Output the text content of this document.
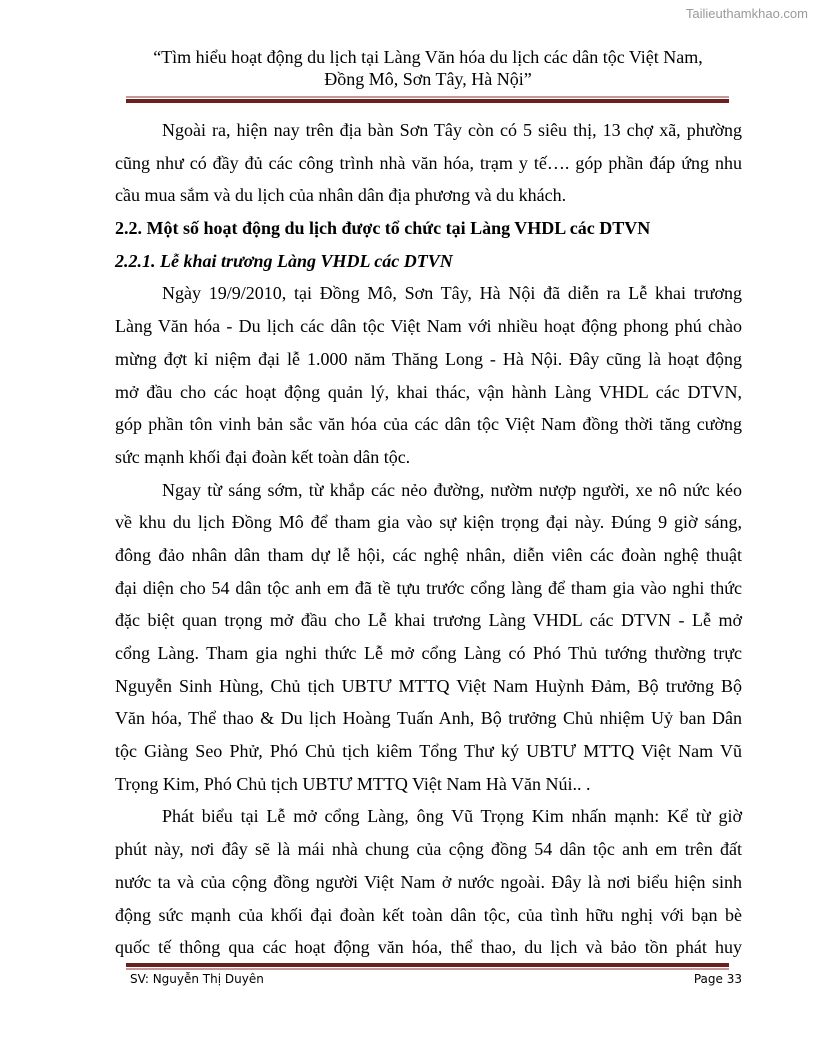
Tailieuthamkhao.com
“Tìm hiểu hoạt động du lịch tại Làng Văn hóa du lịch các dân tộc Việt Nam,
Đồng Mô, Sơn Tây, Hà Nội”
Ngoài ra, hiện nay trên địa bàn Sơn Tây còn có 5 siêu thị, 13 chợ xã, phường
cũng như có đầy đủ các công trình nhà văn hóa, trạm y tế…. góp phần đáp ứng nhu
cầu mua sắm và du lịch của nhân dân địa phương và du khách.
2.2. Một số hoạt động du lịch được tổ chức tại Làng VHDL các DTVN
2.2.1. Lễ khai trương Làng VHDL các DTVN
Ngày 19/9/2010, tại Đồng Mô, Sơn Tây, Hà Nội đã diễn ra Lễ khai trương
Làng Văn hóa - Du lịch các dân tộc Việt Nam với nhiều hoạt động phong phú chào
mừng đợt kỉ niệm đại lễ 1.000 năm Thăng Long - Hà Nội. Đây cũng là hoạt động
mở đầu cho các hoạt động quản lý, khai thác, vận hành Làng VHDL các DTVN,
góp phần tôn vinh bản sắc văn hóa của các dân tộc Việt Nam đồng thời tăng cường
sức mạnh khối đại đoàn kết toàn dân tộc.
Ngay từ sáng sớm, từ khắp các nẻo đường, nườm nượp người, xe nô nức kéo
về khu du lịch Đồng Mô để tham gia vào sự kiện trọng đại này. Đúng 9 giờ sáng,
đông đảo nhân dân tham dự lễ hội, các nghệ nhân, diễn viên các đoàn nghệ thuật
đại diện cho 54 dân tộc anh em đã tề tựu trước cổng làng để tham gia vào nghi thức
đặc biệt quan trọng mở đầu cho Lễ khai trương Làng VHDL các DTVN - Lễ mở
cổng Làng. Tham gia nghi thức Lễ mở cổng Làng có Phó Thủ tướng thường trực
Nguyễn Sinh Hùng, Chủ tịch UBTƯ MTTQ Việt Nam Huỳnh Đảm, Bộ trưởng Bộ
Văn hóa, Thể thao & Du lịch Hoàng Tuấn Anh, Bộ trưởng Chủ nhiệm Uỷ ban Dân
tộc Giàng Seo Phử, Phó Chủ tịch kiêm Tổng Thư ký UBTƯ MTTQ Việt Nam Vũ
Trọng Kim, Phó Chủ tịch UBTƯ MTTQ Việt Nam Hà Văn Núi.. .
Phát biểu tại Lễ mở cổng Làng, ông Vũ Trọng Kim nhấn mạnh: Kể từ giờ
phút này, nơi đây sẽ là mái nhà chung của cộng đồng 54 dân tộc anh em trên đất
nước ta và của cộng đồng người Việt Nam ở nước ngoài. Đây là nơi biểu hiện sinh
động sức mạnh của khối đại đoàn kết toàn dân tộc, của tình hữu nghị với bạn bè
quốc tế thông qua các hoạt động văn hóa, thể thao, du lịch và bảo tồn phát huy
SV: Nguyễn Thị Duyên	Page 33
